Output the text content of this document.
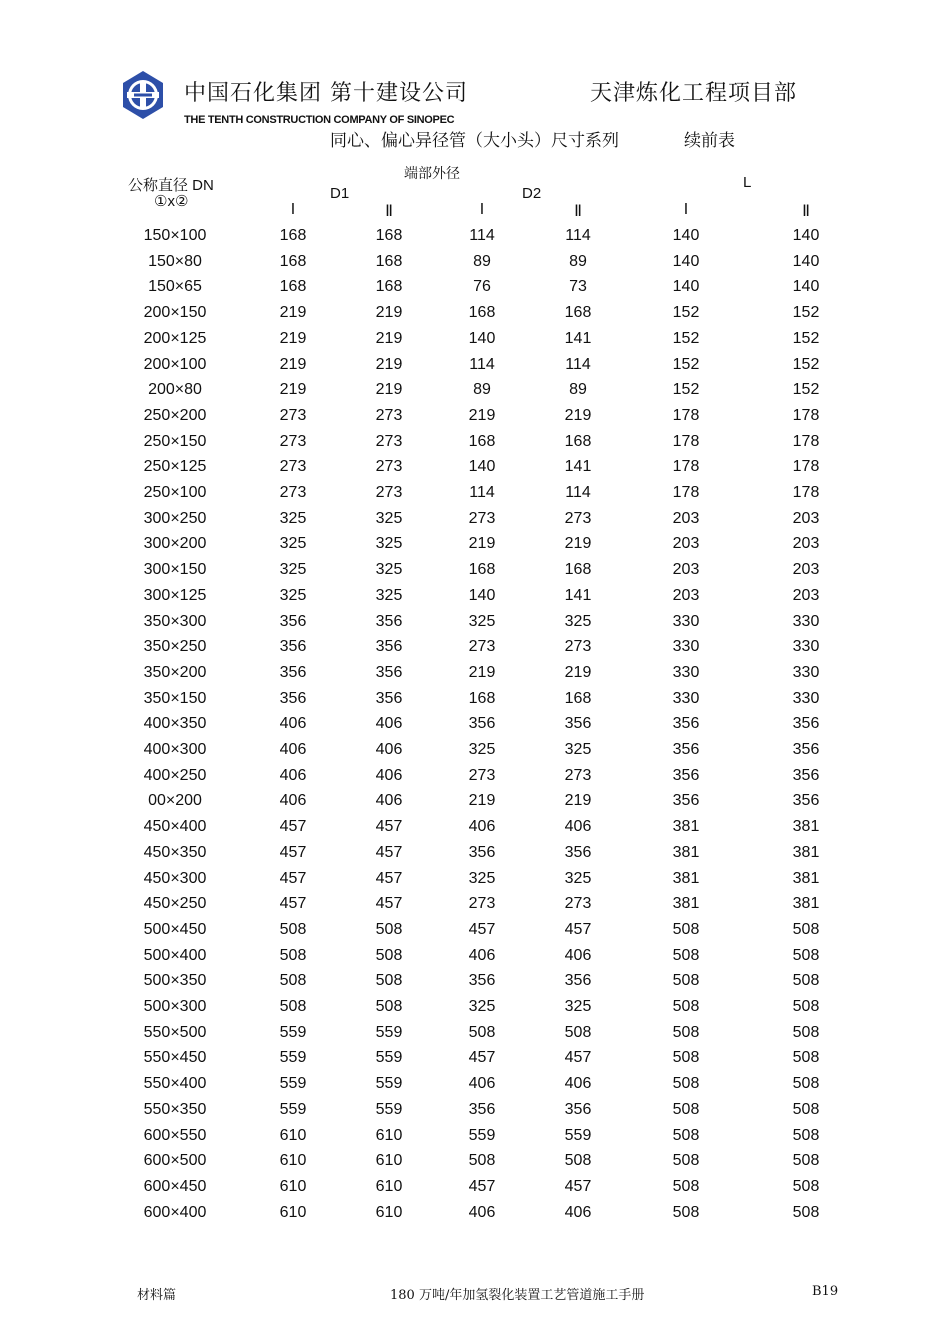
中国石化集团 第十建设公司	天津炼化工程项目部
THE TENTH CONSTRUCTION COMPANY OF SINOPEC
同心、偏心异径管（大小头）尺寸系列	续前表
公称直径 DN
①x②
端部外径
D1	D2
L
I	Ⅱ	I	Ⅱ	I	Ⅱ
150×100	168	168	114	114	140	140
150×80	168	168	89	89	140	140
150×65	168	168	76	73	140	140
200×150	219	219	168	168	152	152
200×125	219	219	140	141	152	152
200×100	219	219	114	114	152	152
200×80	219	219	89	89	152	152
250×200	273	273	219	219	178	178
250×150	273	273	168	168	178	178
250×125	273	273	140	141	178	178
250×100	273	273	114	114	178	178
300×250	325	325	273	273	203	203
300×200	325	325	219	219	203	203
300×150	325	325	168	168	203	203
300×125	325	325	140	141	203	203
350×300	356	356	325	325	330	330
350×250	356	356	273	273	330	330
350×200	356	356	219	219	330	330
350×150	356	356	168	168	330	330
400×350	406	406	356	356	356	356
400×300	406	406	325	325	356	356
400×250	406	406	273	273	356	356
00×200	406	406	219	219	356	356
450×400	457	457	406	406	381	381
450×350	457	457	356	356	381	381
450×300	457	457	325	325	381	381
450×250	457	457	273	273	381	381
500×450	508	508	457	457	508	508
500×400	508	508	406	406	508	508
500×350	508	508	356	356	508	508
500×300	508	508	325	325	508	508
550×500	559	559	508	508	508	508
550×450	559	559	457	457	508	508
550×400	559	559	406	406	508	508
550×350	559	559	356	356	508	508
600×550	610	610	559	559	508	508
600×500	610	610	508	508	508	508
600×450	610	610	457	457	508	508
600×400	610	610	406	406	508	508
材料篇	180 万吨/年加氢裂化装置工艺管道施工手册	B19
